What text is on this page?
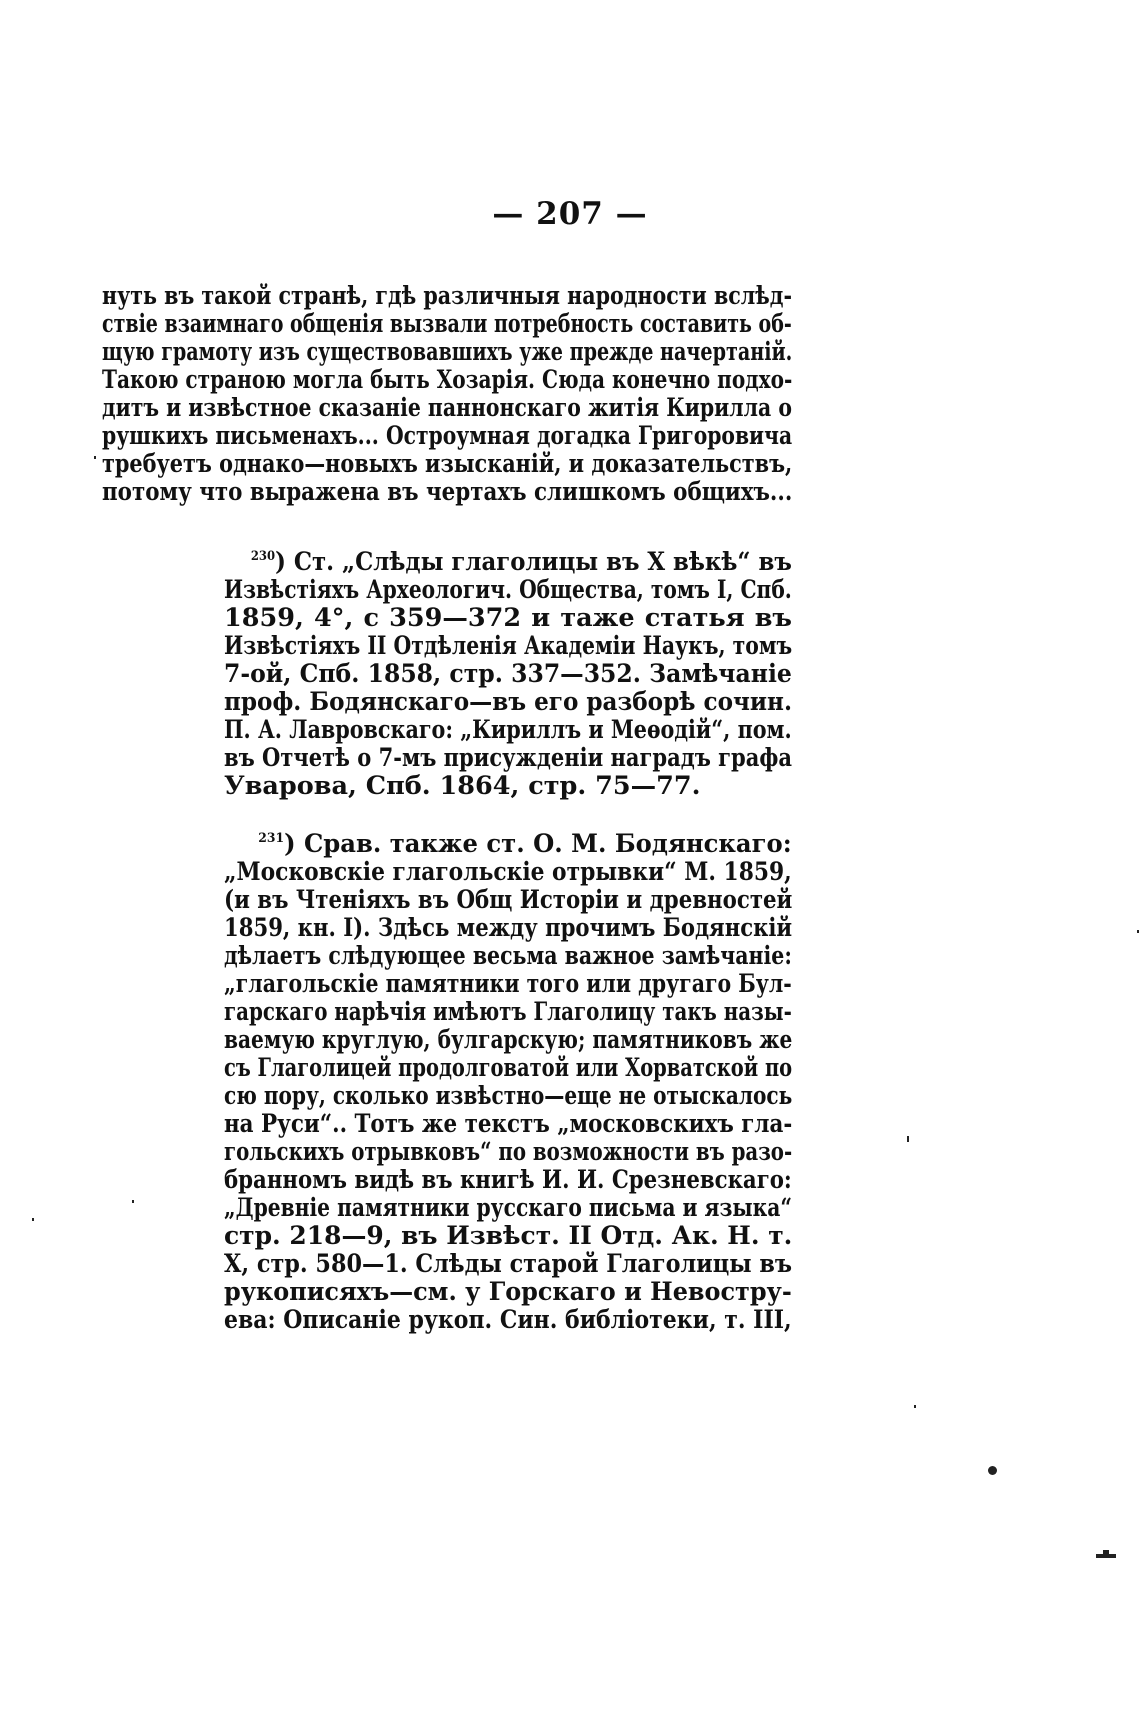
— 207 —
нуть въ такой странѣ, гдѣ различныя народности вслѣд-
ствіе взаимнаго общенія вызвали потребность составить об-
щую грамоту изъ существовавшихъ уже прежде начертаній.
Такою страною могла быть Хозарія. Сюда конечно подхо-
дитъ и извѣстное сказаніе паннонскаго житія Кирилла о
рушкихъ письменахъ... Остроумная догадка Григоровича
требуетъ однако—новыхъ изысканій, и доказательствъ,
потому что выражена въ чертахъ слишкомъ общихъ...
$^{230}$) Ст. „Слѣды глаголицы въ X вѣкѣ“ въ
Извѣстіяхъ Археологич. Общества, томъ I, Спб.
1859, 4°, с 359—372 и таже статья въ
Извѣстіяхъ II Отдѣленія Академіи Наукъ, томъ
7-ой, Спб. 1858, стр. 337—352. Замѣчаніе
проф. Бодянскаго—въ его разборѣ сочин.
П. А. Лавровскаго: „Кириллъ и Меѳодій“, пом.
въ Отчетѣ о 7-мъ присужденіи наградъ графа
Уварова, Спб. 1864, стр. 75—77.
$^{231}$) Срав. также ст. О. М. Бодянскаго:
„Московскіе глагольскіе отрывки“ М. 1859,
(и въ Чтеніяхъ въ Общ Исторіи и древностей
1859, кн. I). Здѣсь между прочимъ Бодянскій
дѣлаетъ слѣдующее весьма важное замѣчаніе:
„глагольскіе памятники того или другаго Бул-
гарскаго нарѣчія имѣютъ Глаголицу такъ назы-
ваемую круглую, булгарскую; памятниковъ же
съ Глаголицей продолговатой или Хорватской по
сю пору, сколько извѣстно—еще не отыскалось
на Руси“.. Тотъ же текстъ „московскихъ гла-
гольскихъ отрывковъ“ по возможности въ разо-
бранномъ видѣ въ книгѣ И. И. Срезневскаго:
„Древніе памятники русскаго письма и языка“
стр. 218—9, въ Извѣст. II Отд. Ак. Н. т.
X, стр. 580—1. Слѣды старой Глаголицы въ
рукописяхъ—см. у Горскаго и Невостру-
ева: Описаніе рукоп. Син. библіотеки, т. III,
